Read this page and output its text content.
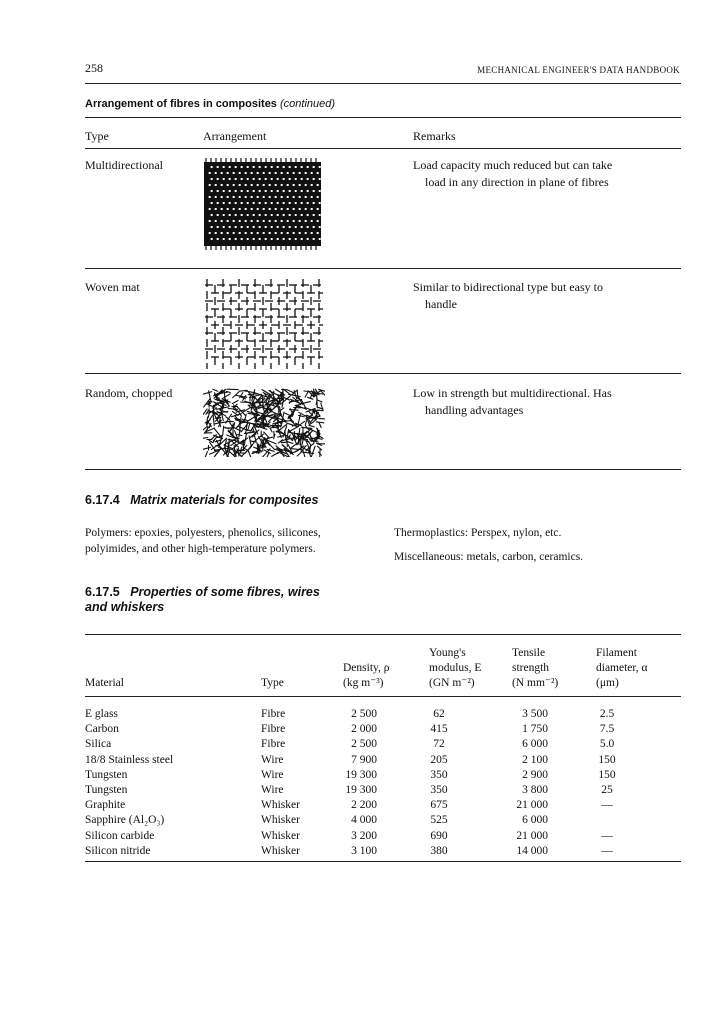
258	MECHANICAL ENGINEER'S DATA HANDBOOK
Arrangement of fibres in composites (continued)
Type	Arrangement	Remarks
Multidirectional	Load capacity much reduced but can take
load in any direction in plane of fibres
Woven mat	Similar to bidirectional type but easy to
handle
Random, chopped	Low in strength but multidirectional. Has
handling advantages
6.17.4 Matrix materials for composites
Polymers: epoxies, polyesters, phenolics, silicones,
polyimides, and other high-temperature polymers.
Thermoplastics: Perspex, nylon, etc.
Miscellaneous: metals, carbon, ceramics.
6.17.5 Properties of some fibres, wires
and whiskers
Material	Type
Density, ρ
(kg m⁻³)
Young's
modulus, E
(GN m⁻²)
Tensile
strength
(N mm⁻²)
Filament
diameter, α
(μm)
E glass	Fibre	2 500	62	3 500	2.5
Carbon	Fibre	2 000	415	1 750	7.5
Silica	Fibre	2 500	72	6 000	5.0
18/8 Stainless steel	Wire	7 900	205	2 100	150
Tungsten	Wire	19 300	350	2 900	150
Tungsten	Wire	19 300	350	3 800	25
Graphite	Whisker	2 200	675	21 000	—
Sapphire (Al₂O₃)	Whisker	4 000	525	6 000
Silicon carbide	Whisker	3 200	690	21 000	—
Silicon nitride	Whisker	3 100	380	14 000	—
